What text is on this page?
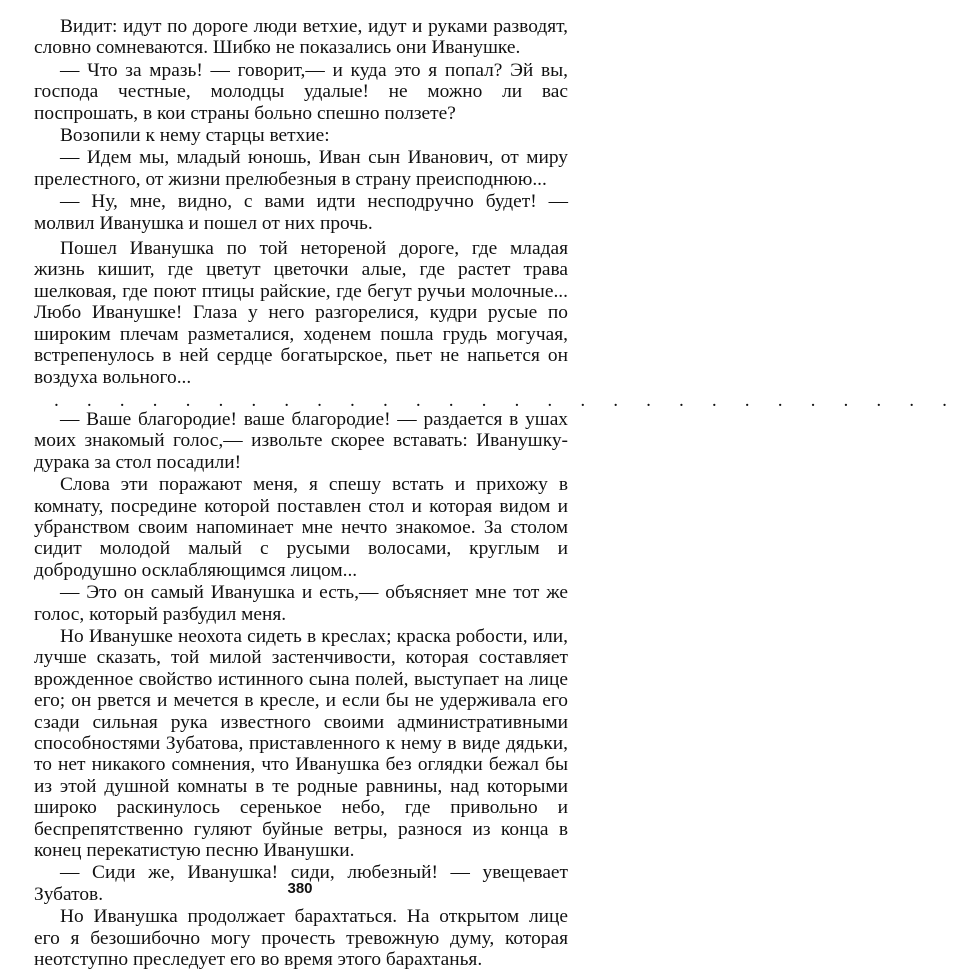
Видит: идут по дороге люди ветхие, идут и руками разводят, словно сомневаются. Шибко не показались они Иванушке.

— Что за мразь! — говорит,— и куда это я попал? Эй вы, господа честные, молодцы удалые! не можно ли вас поспрошать, в кои страны больно спешно ползете?

Возопили к нему старцы ветхие:

— Идем мы, младый юношь, Иван сын Иванович, от миру прелестного, от жизни прелюбезныя в страну преисподнюю...

— Ну, мне, видно, с вами идти несподручно будет! — молвил Иванушка и пошел от них прочь.

Пошел Иванушка по той нетореной дороге, где младая жизнь кишит, где цветут цветочки алые, где растет трава шелковая, где поют птицы райские, где бегут ручьи молочные... Любо Иванушке! Глаза у него разгорелися, кудри русые по широким плечам разметалися, ходенем пошла грудь могучая, встрепенулось в ней сердце богатырское, пьет не напьется он воздуха вольного...

. . . . . . . . . . . . . . . . . . . . . . . . . . . .

— Ваше благородие! ваше благородие! — раздается в ушах моих знакомый голос,— извольте скорее вставать: Иванушку-дурака за стол посадили!

Слова эти поражают меня, я спешу встать и прихожу в комнату, посредине которой поставлен стол и которая видом и убранством своим напоминает мне нечто знакомое. За столом сидит молодой малый с русыми волосами, круглым и добродушно осклабляющимся лицом...

— Это он самый Иванушка и есть,— объясняет мне тот же голос, который разбудил меня.

Но Иванушке неохота сидеть в креслах; краска робости, или, лучше сказать, той милой застенчивости, которая составляет врожденное свойство истинного сына полей, выступает на лице его; он рвется и мечется в кресле, и если бы не удерживала его сзади сильная рука известного своими административными способностями Зубатова, приставленного к нему в виде дядьки, то нет никакого сомнения, что Иванушка без оглядки бежал бы из этой душной комнаты в те родные равнины, над которыми широко раскинулось серенькое небо, где привольно и беспрепятственно гуляют буйные ветры, разнося из конца в конец перекатистую песню Иванушки.

— Сиди же, Иванушка! сиди, любезный! — увещевает Зубатов.

Но Иванушка продолжает барахтаться. На открытом лице его я безошибочно могу прочесть тревожную думу, которая неотступно преследует его во время этого барахтанья.

380
